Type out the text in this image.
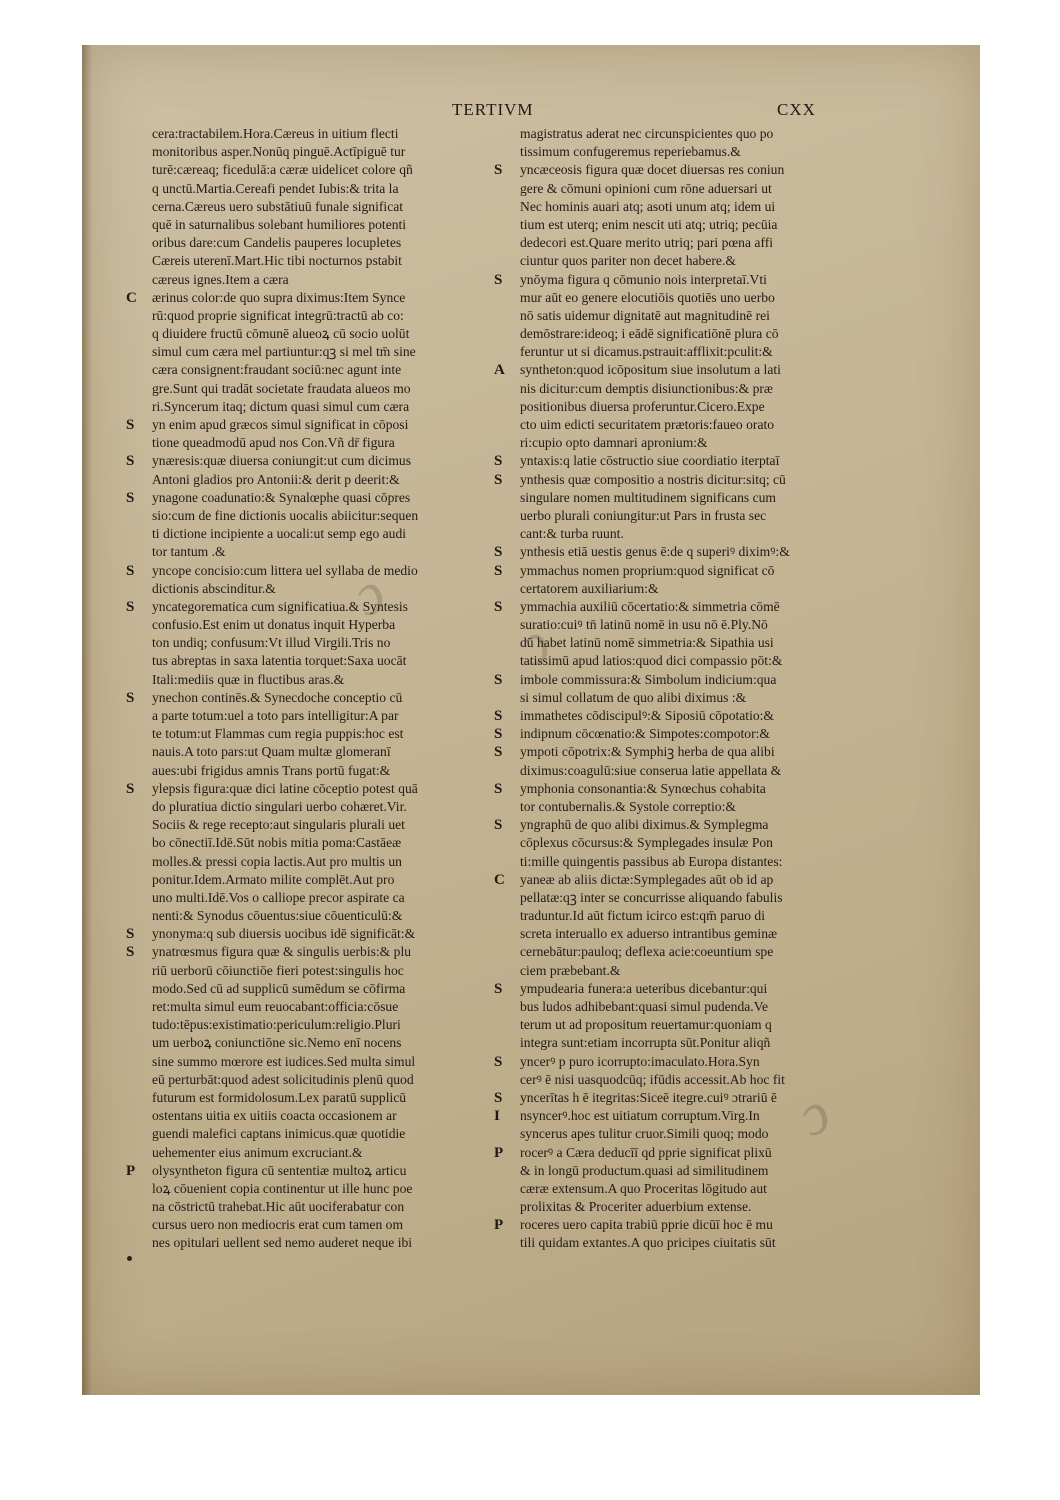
TERTIVM	CXX
cera:tractabilem.Hora.Cæreus in uitium flecti
monitoribus asper.Nonūq pinguē.Actīpiguē tur
turē:cæreaq; ficedulā:a cæræ uidelicet colore qñ
q unctū.Martia.Cereafi pendet Iubis:& trita la
cerna.Cæreus uero substātiuū funale significat
quē in saturnalibus solebant humiliores potenti
oribus dare:cum Candelis pauperes locupletes
Cæreis uterenī.Mart.Hic tibi nocturnos pstabit
cæreus ignes.Item a cæra
C	ærinus color:de quo supra diximus:Item Synce
rū:quod proprie significat integrū:tractū ab co:
q diuidere fructū cōmunē alueoꝝ cū socio uolūt
simul cum cæra mel partiuntur:qꝫ si mel tm̄ sine
cæra consignent:fraudant sociū:nec agunt inte
gre.Sunt qui tradāt societate fraudata alueos mo
ri.Syncerum itaq; dictum quasi simul cum cæra
S	yn enim apud græcos simul significat in cōposi
tione queadmodū apud nos Con.Vñ dr̄ figura
S	ynæresis:quæ diuersa coniungit:ut cum dicimus
Antoni gladios pro Antonii:& derit p deerit:&
S	ynagone coadunatio:& Synalœphe quasi cōpres
sio:cum de fine dictionis uocalis abiicitur:sequen
ti dictione incipiente a uocali:ut semp ego audi
tor tantum .&
S	yncope concisio:cum littera uel syllaba de medio
dictionis abscinditur.&
S	yncategorematica cum significatiua.& Syntesis
confusio.Est enim ut donatus inquit Hyperba
ton undiq; confusum:Vt illud Virgili.Tris no
tus abreptas in saxa latentia torquet:Saxa uocāt
Itali:mediis quæ in fluctibus aras.&
S	ynechon continēs.& Synecdoche conceptio cū
a parte totum:uel a toto pars intelligitur:A par
te totum:ut Flammas cum regia puppis:hoc est
nauis.A toto pars:ut Quam multæ glomeranī
aues:ubi frigidus amnis Trans portū fugat:&
S	ylepsis figura:quæ dici latine cōceptio potest quā
do pluratiua dictio singulari uerbo cohæret.Vir.
Sociis & rege recepto:aut singularis plurali uet
bo cōnectiī.Idē.Sūt nobis mitia poma:Castāeæ
molles.& pressi copia lactis.Aut pro multis un
ponitur.Idem.Armato milite complēt.Aut pro
uno multi.Idē.Vos o calliope precor aspirate ca
nenti:& Synodus cōuentus:siue cōuenticulū:&
S	ynonyma:q sub diuersis uocibus idē significāt:&
S	ynatrœsmus figura quæ & singulis uerbis:& plu
riū uerborū cōiunctiōe fieri potest:singulis hoc
modo.Sed cū ad supplicū sumēdum se cōfirma
ret:multa simul eum reuocabant:officia:cōsue
tudo:tēpus:existimatio:periculum:religio.Pluri
um uerboꝝ coniunctiōne sic.Nemo enī nocens
sine summo mœrore est iudices.Sed multa simul
eū perturbāt:quod adest solicitudinis plenū quod
futurum est formidolosum.Lex paratū supplicū
ostentans uitia ex uitiis coacta occasionem ar
guendi malefici captans inimicus.quæ quotidie
uehementer eius animum excruciant.&
P	olysyntheton figura cū sententiæ multoꝝ articu
loꝝ cōuenient copia continentur ut ille hunc poe
na cōstrictū trahebat.Hic aūt uociferabatur con
cursus uero non mediocris erat cum tamen om
nes opitulari uellent sed nemo auderet neque ibi
magistratus aderat nec circunspicientes quo po
tissimum confugeremus reperiebamus.&
S	yncæceosis figura quæ docet diuersas res coniun
gere & cōmuni opinioni cum rōne aduersari ut
Nec hominis auari atq; asoti unum atq; idem ui
tium est uterq; enim nescit uti atq; utriq; pecūia
dedecori est.Quare merito utriq; pari pœna affi
ciuntur quos pariter non decet habere.&
S	ynōyma figura q cōmunio nois interpretaī.Vti
mur aūt eo genere elocutiōis quotiēs uno uerbo
nō satis uidemur dignitatē aut magnitudinē rei
demōstrare:ideoq; i eādē significatiōnē plura cō
feruntur ut si dicamus.pstrauit:afflixit:pculit:&
A	syntheton:quod icōpositum siue insolutum a lati
nis dicitur:cum demptis disiunctionibus:& præ
positionibus diuersa proferuntur.Cicero.Expe
cto uim edicti securitatem prætoris:faueo orato
ri:cupio opto damnari apronium:&
S	yntaxis:q latie cōstructio siue coordiatio iterptaī
S	ynthesis quæ compositio a nostris dicitur:sitq; cū
singulare nomen multitudinem significans cum
uerbo plurali coniungitur:ut Pars in frusta sec
cant:& turba ruunt.
S	ynthesis etiā uestis genus ē:de q superiꝰ diximꝰ:&
S	ymmachus nomen proprium:quod significat cō
certatorem auxiliarium:&
S	ymmachia auxiliū cōcertatio:& simmetria cōmē
suratio:cuiꝰ tn̄ latinū nomē in usu nō ē.Ply.Nō
dū habet latinū nomē simmetria:& Sipathia usi
tatissimū apud latios:quod dici compassio pōt:&
S	imbole commissura:& Simbolum indicium:qua
si simul collatum de quo alibi diximus :&
S	immathetes cōdiscipulꝰ:& Siposiū cōpotatio:&
S	indipnum cōcœnatio:& Simpotes:compotor:&
S	ympoti cōpotrix:& Symphiꝫ herba de qua alibi
diximus:coagulū:siue conserua latie appellata &
S	ymphonia consonantia:& Synœchus cohabita
tor contubernalis.& Systole correptio:&
S	yngraphū de quo alibi diximus.& Symplegma
cōplexus cōcursus:& Symplegades insulæ Pon
ti:mille quingentis passibus ab Europa distantes:
C	yaneæ ab aliis dictæ:Symplegades aūt ob id ap
pellatæ:qꝫ inter se concurrisse aliquando fabulis
traduntur.Id aūt fictum icirco est:qm̄ paruo di
screta interuallo ex aduerso intrantibus geminæ
cernebātur:pauloq; deflexa acie:coeuntium spe
ciem præbebant.&
S	ympudearia funera:a ueteribus dicebantur:qui
bus ludos adhibebant:quasi simul pudenda.Ve
terum ut ad propositum reuertamur:quoniam q
integra sunt:etiam incorrupta sūt.Ponitur aliqñ
S	yncerꝰ p puro icorrupto:imaculato.Hora.Syn
cerꝰ ē nisi uasquodcūq; ifūdis accessit.Ab hoc fit
S	yncerītas h ē itegritas:Siceē itegre.cuiꝰ ɔtrariū ē
I	nsyncerꝰ.hoc est uitiatum corruptum.Virg.In
syncerus apes tulitur cruor.Simili quoq; modo
P	rocerꝰ a Cæra deducīī qd pprie significat plixū
& in longū productum.quasi ad similitudinem
cæræ extensum.A quo Proceritas lōgitudo aut
prolixitas & Proceriter aduerbium extense.
P	roceres uero capita trabiū pprie dicūī hoc ē mu
tili quidam extantes.A quo pricipes ciuitatis sūt
ↄ
ↄ
ↄ
